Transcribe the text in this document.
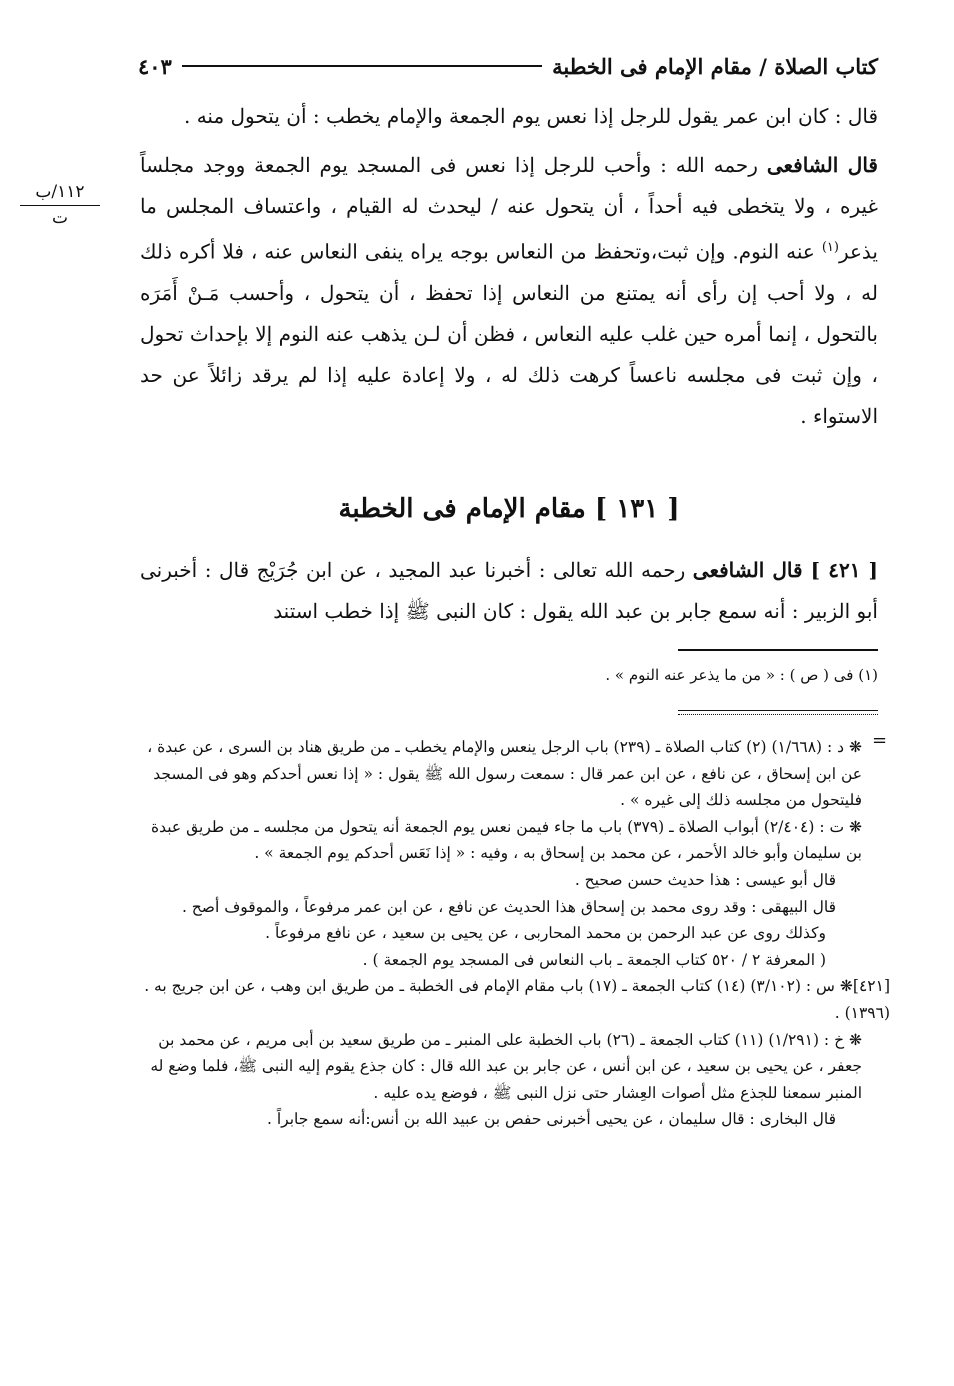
كتاب الصلاة / مقام الإمام فى الخطبة
٤٠٣
١١٢/ب
ت

قال : كان ابن عمر يقول للرجل إذا نعس يوم الجمعة والإمام يخطب : أن يتحول منه .

قال الشافعى رحمه الله : وأحب للرجل إذا نعس فى المسجد يوم الجمعة ووجد مجلساً غيره ، ولا يتخطى فيه أحداً ، أن يتحول عنه / ليحدث له القيام ، واعتساف المجلس ما يذعر$^{(١)}$ عنه النوم. وإن ثبت،وتحفظ من النعاس بوجه يراه ينفى النعاس عنه ، فلا أكره ذلك له ، ولا أحب إن رأى أنه يمتنع من النعاس إذا تحفظ ، أن يتحول ، وأحسب مَـنْ أَمَرَه بالتحول ، إنما أمره حين غلب عليه النعاس ، فظن أن لـن يذهب عنه النوم إلا بإحداث تحول ، وإن ثبت فى مجلسه ناعساً كرهت ذلك له ، ولا إعادة عليه إذا لم يرقد زائلاً عن حد الاستواء .

[ ١٣١ ] مقام الإمام فى الخطبة

[ ٤٢١ ] قال الشافعى رحمه الله تعالى : أخبرنا عبد المجيد ، عن ابن جُرَيْج قال : أخبرنى أبو الزبير : أنه سمع جابر بن عبد الله يقول : كان النبى ﷺ إذا خطب استند

(١) فى ( ص ) : « من ما يذعر عنه النوم » .
=

❋ د : (١/٦٦٨) (٢) كتاب الصلاة ـ (٢٣٩) باب الرجل ينعس والإمام يخطب ـ من طريق هناد بن السرى ، عن عبدة ، عن ابن إسحاق ، عن نافع ، عن ابن عمر قال : سمعت رسول الله ﷺ يقول : « إذا نعس أحدكم وهو فى المسجد فليتحول من مجلسه ذلك إلى غيره » .

❋ ت : (٢/٤٠٤) أبواب الصلاة ـ (٣٧٩) باب ما جاء فيمن نعس يوم الجمعة أنه يتحول من مجلسه ـ من طريق عبدة بن سليمان وأبو خالد الأحمر ، عن محمد بن إسحاق به ، وفيه : « إذا نَعَس أحدكم يوم الجمعة » .

قال أبو عيسى : هذا حديث حسن صحيح .

قال البيهقى : وقد روى محمد بن إسحاق هذا الحديث عن نافع ، عن ابن عمر مرفوعاً ، والموقوف أصح .

وكذلك روى عن عبد الرحمن بن محمد المحاربى ، عن يحيى بن سعيد ، عن نافع مرفوعاً .

( المعرفة ٢ / ٥٢٠ كتاب الجمعة ـ باب النعاس فى المسجد يوم الجمعة ) .

[٤٢١]❋ س : (٣/١٠٢) (١٤) كتاب الجمعة ـ (١٧) باب مقام الإمام فى الخطبة ـ من طريق ابن وهب ، عن ابن جريج به . (١٣٩٦) .

❋ خ : (١/٢٩١) (١١) كتاب الجمعة ـ (٢٦) باب الخطبة على المنبر ـ من طريق سعيد بن أبى مريم ، عن محمد بن جعفر ، عن يحيى بن سعيد ، عن ابن أنس ، عن جابر بن عبد الله قال : كان جذع يقوم إليه النبى ﷺ، فلما وضع له المنبر سمعنا للجذع مثل أصوات العِشار حتى نزل النبى ﷺ ، فوضع يده عليه .

قال البخارى : قال سليمان ، عن يحيى أخبرنى حفص بن عبيد الله بن أنس:أنه سمع جابراً .
